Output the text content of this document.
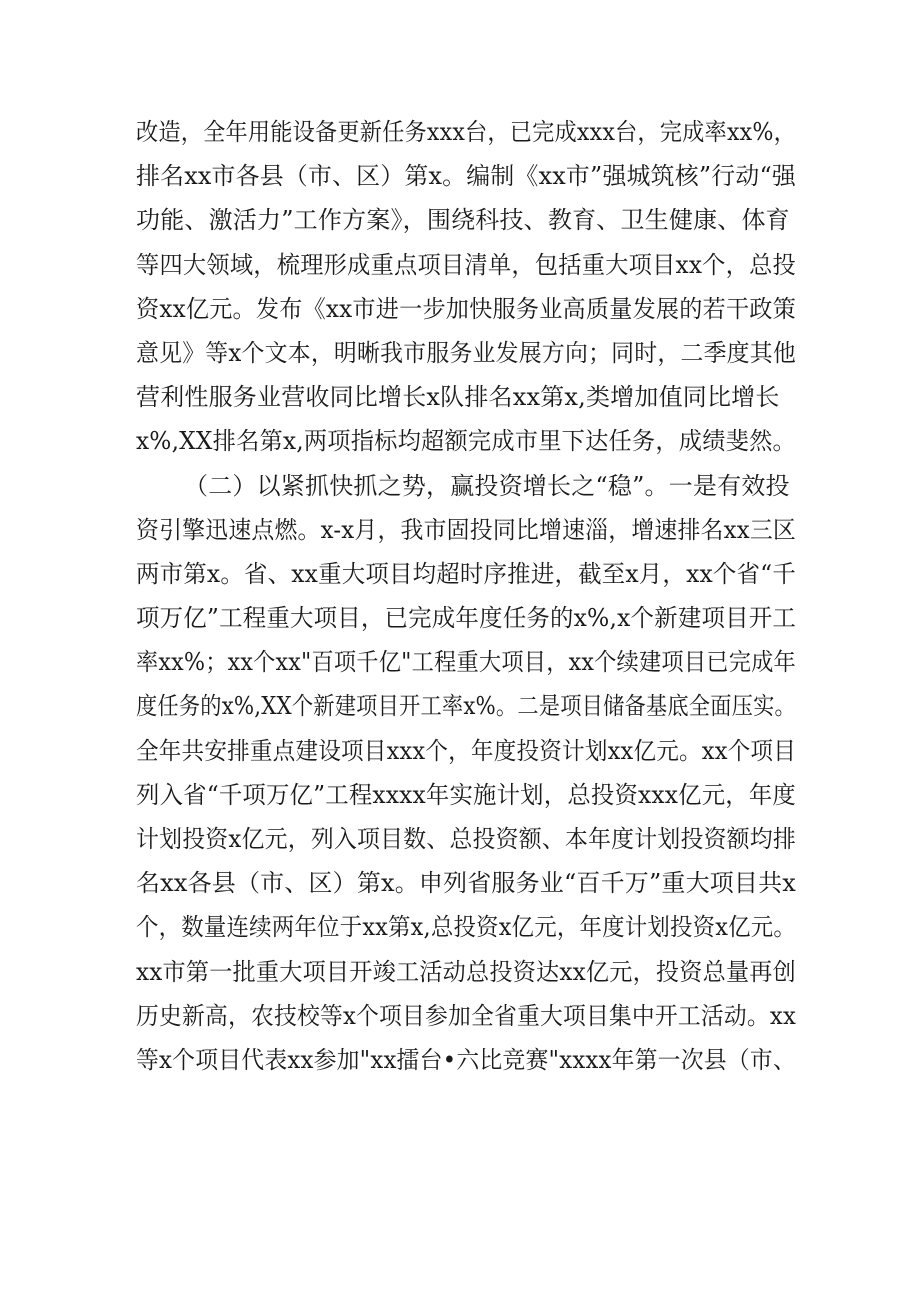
改造，全年用能设备更新任务xxx台，已完成xxx台，完成率xx%，
排名xx市各县（市、区）第x。编制《xx市”强城筑核”行动“强
功能、激活力”工作方案》，围绕科技、教育、卫生健康、体育
等四大领域，梳理形成重点项目清单，包括重大项目xx个，总投
资xx亿元。发布《xx市进一步加快服务业高质量发展的若干政策
意见》等x个文本，明晰我市服务业发展方向；同时，二季度其他
营利性服务业营收同比增长x队排名xx第x,类增加值同比增长
x%,XX排名第x,两项指标均超额完成市里下达任务，成绩斐然。
（二）以紧抓快抓之势，赢投资增长之“稳”。一是有效投
资引擎迅速点燃。x-x月，我市固投同比增速淄，增速排名xx三区
两市第x。省、xx重大项目均超时序推进，截至x月，xx个省“千
项万亿”工程重大项目，已完成年度任务的x%,x个新建项目开工
率xx%；xx个xx"百项千亿"工程重大项目，xx个续建项目已完成年
度任务的x%,XX个新建项目开工率x%。二是项目储备基底全面压实。
全年共安排重点建设项目xxx个，年度投资计划xx亿元。xx个项目
列入省“千项万亿”工程xxxx年实施计划，总投资xxx亿元，年度
计划投资x亿元，列入项目数、总投资额、本年度计划投资额均排
名xx各县（市、区）第x。申列省服务业“百千万”重大项目共x
个，数量连续两年位于xx第x,总投资x亿元，年度计划投资x亿元。
xx市第一批重大项目开竣工活动总投资达xx亿元，投资总量再创
历史新高，农技校等x个项目参加全省重大项目集中开工活动。xx
等x个项目代表xx参加"xx擂台•六比竞赛"xxxx年第一次县（市、
